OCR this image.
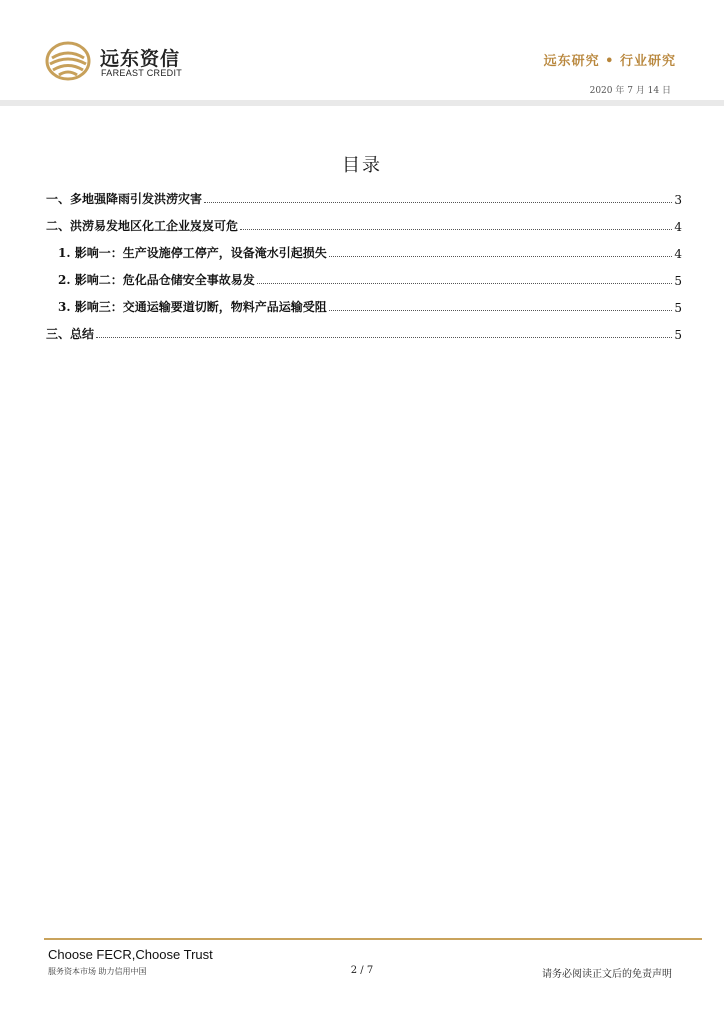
远东资信
FAREAST CREDIT
远东研究 • 行业研究
2020 年 7 月 14 日
目录
一、多地强降雨引发洪涝灾害	3
二、洪涝易发地区化工企业岌岌可危	4
1. 影响一：生产设施停工停产，设备淹水引起损失	4
2. 影响二：危化品仓储安全事故易发	5
3. 影响三：交通运输要道切断，物料产品运输受阻	5
三、总结	5
Choose FECR,Choose Trust
服务资本市场 助力信用中国	2 / 7	请务必阅读正文后的免责声明
